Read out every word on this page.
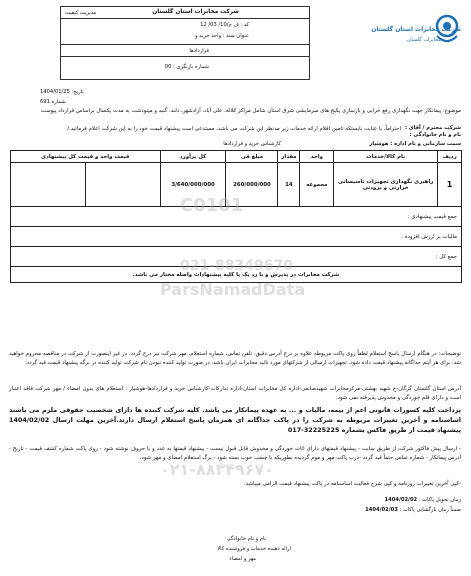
شرکت مخابرات استان گلستان
مخابرات گلستان
شرکت مخابرات استان گلستان
مدیریت کیفیت
کد : ف م/10/ 03/ 12
عنوان سند : واحد خرید و
قراردادها
شماره بازنگری : 00
تاریخ: 1404/01/25
شماره 691
موضوع: پیمانکار جهت نگهداری رفع خرابی و بازسازی پکیج های سرمایشی شرق استان شامل مراکز کلاله، علی آباد، آزادشهر، دلند، گنبد و مینودشت به مدت یکسال براساس قرارداد پیوست
شرکت محترم / آقای :
احتراماً، با عنایت بایستکه تامین اقلام ارائه خدمات زیر مدنظر این شرکت می باشد، مستدعی است پیشنهاد قیمت خود را به این شرکت اعلام فرمائید./
نام و نام خانوادگی :
سمت سازمانی و نام اداره : هوشیار
کارشناس خرید و قراردادها
ردیف	نام کالا/خدمات	واحد	مقدار	مبلغ فی	کل برآورد	قیمت واحد و قیمت کل پیشنهادی	
1	راهبری نگهداری تجهیزات تاسیساتی حرارتی و برودتی	مجموعه	14	260/000/000	3/640/000/000		
جمع قیمت پیشنهادی :							
مالیات بر ارزش افزوده :							
جمع کل :							
شرکت مخابرات در پذیرش و یا رد یک یا کلیه پیشنهادات واصله مختار می باشد.							
توضیحات: در هنگام ارسال پاسخ استعلام لطفاً روی پاکت مربوطه علاوه بر درج آدرس دقیق، تلفن تماس، شماره استعلام، مهر شرکت نیز درج گردد. در غیر اینصورت از شرکت در مناقصه محروم خواهید شد. برای هر آیتم جداگانه پیشنهاد قیمت داده شود. تجهیزات ارسالی از شرکتهای مورد تائید مخابرات ایران باشد. در صورت تولید کننده نبودن نام شرکت تولید کننده در برگه پیشنهاد قیمت قید گردد.
آدرس استان گلستان گرگان-خ شهید بهشتی-مرکزمخابرات شهیدصانعی-اداره کل مخابرات استان-اداره تدارکات-کارشناس خرید و قراردادها-هوشیار : استعلام های بدون امضاء / مهر شرکت فاقد اعتبار است و دارای قلم خوردگی و مخدوش پذیرفته نمی شود.
پرداخت کلیه کسورات قانونی اعم از بیمه، مالیات و ... به عهده پیمانکار می باشد. کلیه شرکت کننده ها دارای شخصیت حقوقی ملزم می باشند اساسنامه و آخرین تغییرات مربوطه به شرکت را در پاکت جداگانه ای همزمان پاسخ استعلام ارسال دارند.آخرین مهلت ارسال 1404/02/02 پیشنهاد قیمت از طریق فاکس بشماره 32225225-017
- ارسال پیش فاکتور شرکت از طریق سایت - پیشنهاد قیمتهای دارای اثاث خوردگی و مخدوش قابل قبول نیست - پیشنهاد قیمتها به عدد و با حروف نوشته شود - روی پاکت شماره کشف قیمت - تاریخ - آدرس پیمانکار - شماره تماس حتماً قید گردد -درب پاکت مهر و موم گردیده بطوریکه با چسب خوب بسته شود - برگ استعلام امضای و مهر شود.
-کپی آخرین تغییرات روزنامه و کپی شرح فعالیت اساسنامه در پاکت پیشنهاد قیمت الزامی میباشد.
زمان تحویل پاکات : 1404/02/02
ضمناً زمان بازگشایی پاکات : 1404/02/03
نام و نام خانوادگی
ارائه دهنده خدمات و فروشنده کالا
مهر و امضاء
C0101
021-88349670
ParsNamadData
۰۲۱-۸۸۳۴۹۶۷۰
